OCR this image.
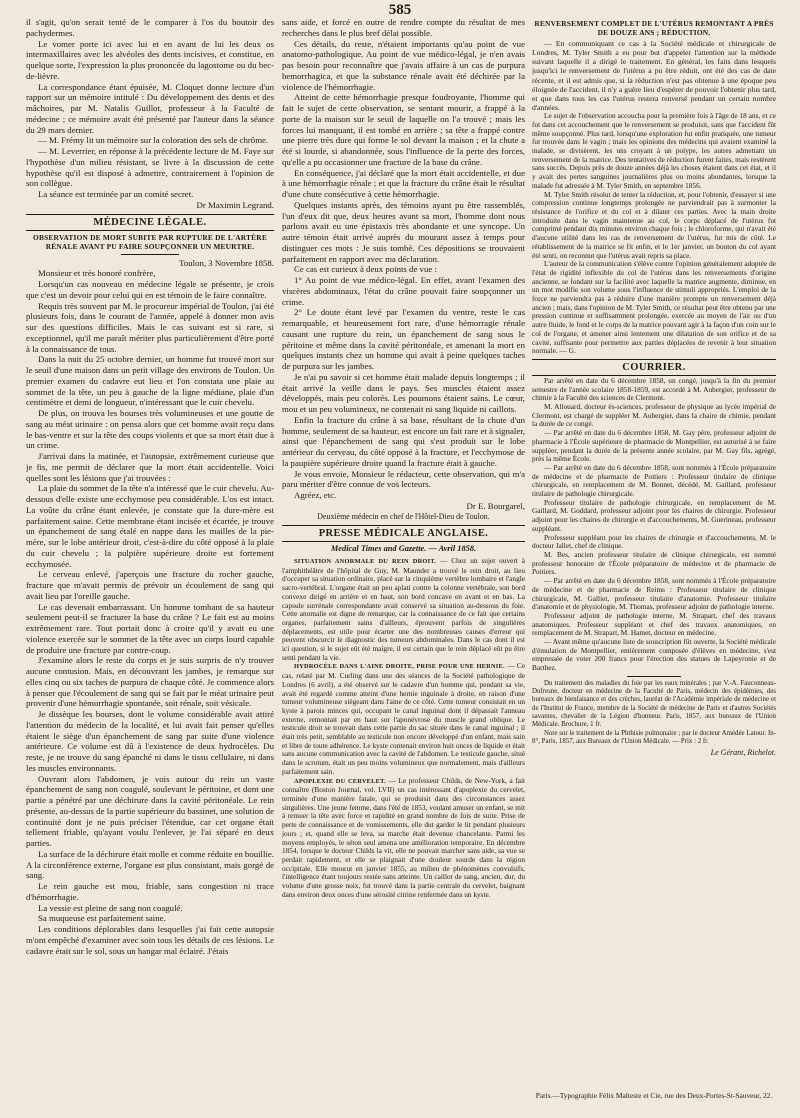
585

il s'agit, qu'on serait tenté de le comparer à l'os du boutoir des pachydermes.

Le vomer porte ici avec lui et en avant de lui les deux os intermaxillaires avec les alvéoles des dents incisives, et constitue, en quelque sorte, l'expression la plus prononcée du lagostome ou du bec-de-lièvre.

La correspondance étant épuisée, M. Cloquet donne lecture d'un rapport sur un mémoire intitulé : Du développement des dents et des mâchoires, par M. Natalis Guillot, professeur à la Faculté de médecine ; ce mémoire avait été présenté par l'auteur dans la séance du 29 mars dernier.

— M. Frémy lit un mémoire sur la coloration des sels de chrôme.

— M. Leverrier, en réponse à la précédente lecture de M. Faye sur l'hypothèse d'un milieu résistant, se livre à la discussion de cette hypothèse qu'il est disposé à admettre, contrairement à l'opinion de son collègue.

La séance est terminée par un comité secret.

Dr Maximin Legrand.

MÉDECINE LÉGALE.
OBSERVATION DE MORT SUBITE PAR RUPTURE DE L'ARTÈRE RÉNALE AVANT PU FAIRE SOUPÇONNER UN MEURTRE.

Toulon, 3 Novembre 1858.

Monsieur et très honoré confrère,

Lorsqu'un cas nouveau en médecine légale se présente, je crois que c'est un devoir pour celui qui en est témoin de le faire connaître.

Requis très souvent par M. le procureur impérial de Toulon, j'ai été plusieurs fois, dans le courant de l'année, appelé à donner mon avis sur des questions difficiles. Mais le cas suivant est si rare, si exceptionnel, qu'il me paraît mériter plus particulièrement d'être porté à la connaissance de tous.

Dans la nuit du 25 octobre dernier, un homme fut trouvé mort sur le seuil d'une maison dans un petit village des environs de Toulon. Un premier examen du cadavre eut lieu et l'on constata une plaie au sommet de la tête, un peu à gauche de la ligne médiane, plaie d'un centimètre et demi de longueur, n'intéressant que le cuir chevelu.

De plus, on trouva les bourses très volumineuses et une goutte de sang au méat urinaire : on pensa alors que cet homme avait reçu dans le bas-ventre et sur la tête des coups violents et que sa mort était due à un crime.

J'arrivai dans la matinée, et l'autopsie, extrêmement curieuse que je fis, me permit de déclarer que la mort était accidentelle. Voici quelles sont les lésions que j'ai trouvées :

La plaie du sommet de la tête n'a intéressé que le cuir chevelu. Au-dessous d'elle existe une ecchymose peu considérable. L'os est intact. La voûte du crâne étant enlevée, je constate que la dure-mère est parfaitement saine. Cette membrane étant incisée et écartée, je trouve un épanchement de sang étalé en nappe dans les mailles de la pie-mère, sur le lobe antérieur droit, c'est-à-dire du côté opposé à la plaie du cuir chevelu ; la pulpière supérieure droite est fortement ecchymosée.

Le cerveau enlevé, j'aperçois une fracture du rocher gauche, fracture que m'avait permis de prévoir un écoulement de sang qui avait lieu par l'oreille gauche.

Le cas devenait embarrassant. Un homme tombant de sa hauteur seulement peut-il se fracturer la base du crâne ? Le fait est au moins extrêmement rare. Tout portait donc à croire qu'il y avait eu une violence exercée sur le sommet de la tête avec un corps lourd capable de produire une fracture par contre-coup.

J'examine alors le reste du corps et je suis surpris de n'y trouver aucune contusion. Mais, en découvrant les jambes, je remarque sur elles cinq ou six taches de purpura de chaque côté. Je commence alors à penser que l'écoulement de sang qui se fait par le méat urinaire peut provenir d'une hémorrhagie spontanée, soit rénale, soit vésicale.

Je dissèque les bourses, dont le volume considérable avait attiré l'attention du médecin de la localité, et lui avait fait penser qu'elles étaient le siège d'un épanchement de sang par suite d'une violence antérieure. Ce volume est dû à l'existence de deux hydrocèles. Du reste, je ne trouve du sang épanché ni dans le tissu cellulaire, ni dans les muscles environnants.

Ouvrant alors l'abdomen, je vois autour du rein un vaste épanchement de sang non coagulé, soulevant le péritoine, et dont une partie a pénétré par une déchirure dans la cavité péritonéale. Le rein présente, au-dessus de la partie supérieure du bassinet, une solution de continuité dont je ne puis préciser l'étendue, car cet organe était tellement friable, qu'ayant voulu l'enlever, je l'ai séparé en deux parties.

La surface de la déchirure était molle et comme réduite en bouillie. A la circonférence externe, l'organe est plus consistant, mais gorgé de sang.

Le rein gauche est mou, friable, sans congestion ni trace d'hémorrhagie.

La vessie est pleine de sang non coagulé.

Sa muqueuse est parfaitement saine.

Les conditions déplorables dans lesquelles j'ai fait cette autopsie m'ont empêché d'examiner avec soin tous les détails de ces lésions. Le cadavre était sur le sol, sous un hangar mal éclairé. J'étais

sans aide, et forcé en outre de rendre compte du résultat de mes recherches dans le plus bref délai possible.

Ces détails, du reste, n'étaient importants qu'au point de vue anatomo-pathologique. Au point de vue médico-légal, je n'en avais pas besoin pour reconnaître que j'avais affaire à un cas de purpura hemorrhagica, et que la substance rénale avait été déchirée par la violence de l'hémorrhagie.

Atteint de cette hémorrhagie presque foudroyante, l'homme qui fait le sujet de cette observation, se sentant mourir, a frappé à la porte de la maison sur le seuil de laquelle on l'a trouvé ; mais les forces lui manquant, il est tombé en arrière ; sa tête a frappé contre une pierre très dure qui forme le sol devant la maison ; et la chute a été si lourde, si abandonnée, sous l'influence de la perte des forces, qu'elle a pu occasionner une fracture de la base du crâne.

En conséquence, j'ai déclaré que la mort était accidentelle, et due à une hémorrhagie rénale ; et que la fracture du crâne était le résultat d'une chute consécutive à cette hémorrhagie.

Quelques instants après, des témoins ayant pu être rassemblés, l'un d'eux dit que, deux heures avant sa mort, l'homme dont nous parlons avait eu une épistaxis très abondante et une syncope. Un autre témoin était arrivé auprès du mourant assez à temps pour distinguer ces mots : Je suis tombé. Ces dépositions se trouvaient parfaitement en rapport avec ma déclaration.

Ce cas est curieux à deux points de vue :

1° Au point de vue médico-légal. En effet, avant l'examen des viscères abdominaux, l'état du crâne pouvait faire soupçonner un crime.

2° Le doute étant levé par l'examen du ventre, reste le cas remarquable, et heureusement fort rare, d'une hémorragie rénale causant une rupture du rein, un épanchement de sang sous le péritoine et même dans la cavité péritonéale, et amenant la mort en quelques instants chez un homme qui avait à peine quelques taches de purpura sur les jambes.

Je n'ai pu savoir si cet homme était malade depuis longtemps ; il était arrivé la veille dans le pays. Ses muscles étaient assez développés, mais peu colorés. Les poumons étaient sains. Le cœur, mou et un peu volumineux, ne contenait ni sang liquide ni caillots.

Enfin la fracture du crâne à sa base, résultant de la chute d'un homme, seulement de sa hauteur, est encore un fait rare et à signaler, ainsi que l'épanchement de sang qui s'est produit sur le lobe antérieur du cerveau, du côté opposé à la fracture, et l'ecchymose de la paupière supérieure droite quand la fracture était à gauche.

Je vous envoie, Monsieur le rédacteur, cette observation, qui m'a paru mériter d'être connue de vos lecteurs.

Agréez, etc.

Dr E. Bourgarel,

Deuxième médecin en chef de l'Hôtel-Dieu de Toulon.

PRESSE MÉDICALE ANGLAISE.
Medical Times and Gazette. — Avril 1858.

SITUATION ANORMALE DU REIN DROIT. — Chez un sujet ouvert à l'amphithéâtre de l'hôpital de Guy, M. Maunder a trouvé le rein droit, au lieu d'occuper sa situation ordinaire, placé sur la cinquième vertèbre lombaire et l'angle sacro-vertébral. L'organe était un peu aplati contre la colonne vertébrale, son bord convexe dirigé en arrière et en haut, son bord concave en avant et en bas. La capsule surrénale correspondante avait conservé sa situation au-dessous du foie. Cette anomalie est digne de remarque, car la connaissance de ce fait que certains organes, parfaitement sains d'ailleurs, éprouvent parfois de singulières déplacements, est utile pour écarter une des nombreuses causes d'erreur qui peuvent obscurcir le diagnostic des tumeurs abdominales. Dans le cas dont il est ici question, si le sujet eût été maigre, il est certain que le rein déplacé eût pu être senti pendant la vie.

HYDROCÈLE DANS L'AINE DROITE, PRISE POUR UNE HERNIE. — Ce cas, relaté par M. Curling dans une des séances de la Société pathologique de Londres (6 avril), a été observé sur le cadavre d'un homme qui, pendant sa vie, avait été regardé comme atteint d'une hernie inguinale à droite, en raison d'une tumeur volumineuse siégeant dans l'aine de ce côté. Cette tumeur consistait en un kyste à parois minces qui, occupant le canal inguinal dont il dépassait l'anneau externe, remontait par en haut sur l'aponévrose du muscle grand oblique. Le testicule droit se trouvait dans cette partie du sac située dans le canal inguinal ; il était très petit, semblable au testicule non encore développé d'un enfant, mais sain et libre de toute adhérence. Le kyste contenait environ huit onces de liquide et était sans aucune communication avec la cavité de l'abdomen. Le testicule gauche, situé dans le scrotum, était un peu moins volumineux que normalement, mais d'ailleurs parfaitement sain.

APOPLEXIE DU CERVELET. — Le professeur Childs, de New-York, a fait connaître (Boston Journal, vol. LVII) un cas intéressant d'apoplexie du cervelet, terminée d'une manière fatale, qui se produisit dans des circonstances assez singulières. Une jeune femme, dans l'été de 1853, voulant amuser un enfant, se mit à remuer la tête avec force et rapidité en grand nombre de fois de suite. Prise de perte de connaissance et de vomissements, elle dut garder le lit pendant plusieurs jours ; et, quand elle se leva, sa marche était devenue chancelante. Parmi les moyens employés, le séton seul amena une amélioration temporaire. En décembre 1854, lorsque le docteur Childs la vit, elle ne pouvait marcher sans aide, sa vue se perdait rapidement, et elle se plaignait d'une douleur sourde dans la région occipitale. Elle mourut en janvier 1855, au milieu de phénomènes convulsifs, l'intelligence étant toujours restée sans atteinte. Un caillot de sang, ancien, dur, du volume d'une grosse noix, fut trouvé dans la partie centrale du cervelet, baignant dans environ deux onces d'une sérosité citrine renfermée dans un kyste.

RENVERSEMENT COMPLET DE L'UTÉRUS REMONTANT A PRÈS DE DOUZE ANS ; RÉDUCTION.

— En communiquant ce cas à la Société médicale et chirurgicale de Londres, M. Tyler Smith a eu pour but d'appeler l'attention sur la méthode suivant laquelle il a dirigé le traitement. En général, les faits dans lesquels jusqu'ici le renversement de l'utérus a pu être réduit, ont été des cas de date récente, et il est admis que, si la réduction n'est pas obtenue à une époque peu éloignée de l'accident, il n'y a guère lieu d'espérer de pouvoir l'obtenir plus tard, et que dans tous les cas l'utérus restera renversé pendant un certain nombre d'années.

Le sujet de l'observation accoucha pour la première fois à l'âge de 18 ans, et ce fut dans cet accouchement que le renversement se produisit, sans que l'accident fût même soupçonné. Plus tard, lorsqu'une exploration fut enfin pratiquée, une tumeur fut trouvée dans le vagin ; mais les opinions des médecins qui avaient examiné la malade, se divisèrent, les uns croyant à un polype, les autres admettant un renversement de la matrice. Des tentatives de réduction furent faites, mais restèrent sans succès. Depuis près de douze années déjà les choses étaient dans cet état, et il y avait des pertes sanguines journalières plus ou moins abondantes, lorsque la malade fut adressée à M. Tyler Smith, en septembre 1856.

M. Tyler Smith résolut de tenter la réduction, et, pour l'obtenir, d'essayer si une compression continue longtemps prolongée ne parviendrait pas à surmonter la résistance de l'orifice et du col et à dilater ces parties. Avec la main droite introduite dans le vagin maintenue au col, le corps déplacé de l'utérus fut comprimé pendant dix minutes environ chaque fois ; le chloroforme, qui n'avait été d'aucune utilité dans les cas de renversement de l'utérus, fut mis de côté. Le rétablissement de la matrice se fit enfin, et le 1er janvier, un bouton du col ayant été senti, on reconnut que l'utérus avait repris sa place.

L'auteur de la communication s'élève contre l'opinion généralement adoptée de l'état de rigidité inflexible du col de l'utérus dans les renversements d'origine ancienne, se fondant sur la facilité avec laquelle la matrice augmente, diminue, en un mot modifie son volume sous l'influence de stimuli appropriés. L'emploi de la force ne parviendra pas à réduire d'une manière prompte un renversement déjà ancien ; mais, dans l'opinion de M. Tyler Smith, ce résultat peut être obtenu par une pression continue et suffisamment prolongée, exercée au moyen de l'air ou d'un autre fluide, le fond et le corps de la matrice pouvant agir à la façon d'un coin sur le col de l'organe, et amener ainsi lentement une dilatation de son orifice et de sa cavité, suffisante pour permettre aux parties déplacées de revenir à leur situation normale. — G.

COURRIER.

Par arrêté en date du 6 décembre 1858, un congé, jusqu'à la fin du premier semestre de l'année scolaire 1858-1859, est accordé à M. Aubergier, professeur de chimie à la Faculté des sciences de Clermont.

M. Allouard, docteur ès-sciences, professeur de physique au lycée impérial de Clermont, est chargé de suppléer M. Aubergier, dans la chaire de chimie, pendant la durée de ce congé.

— Par arrêté en date du 6 décembre 1858, M. Gay père, professeur adjoint de pharmacie à l'École supérieure de pharmacie de Montpellier, est autorisé à se faire suppléer, pendant la durée de la présente année scolaire, par M. Gay fils, agrégé, près la même École.

— Par arrêté en date du 6 décembre 1858, sont nommés à l'École préparatoire de médecine et de pharmacie de Poitiers : Professeur titulaire de clinique chirurgicale, en remplacement de M. Bonnet, décédé, M. Gaillard, professeur titulaire de pathologie chirurgicale.

Professeur titulaire de pathologie chirurgicale, en remplacement de M. Gaillard, M. Goddard, professeur adjoint pour les chaires de chirurgie. Professeur adjoint pour les chaires de chirurgie et d'accouchements, M. Guerineau, professeur suppléant.

Professeur suppléant pour les chaires de chirurgie et d'accouchements, M. le docteur Jallet, chef de clinique.

M. Bes, ancien professeur titulaire de clinique chirurgicale, est nommé professeur honoraire de l'École préparatoire de médecine et de pharmacie de Poitiers.

— Par arrêté en date du 6 décembre 1858, sont nommés à l'École préparatoire de médecine et de pharmacie de Reims : Professeur titulaire de clinique chirurgicale, M. Galliet, professeur titulaire d'anatomie. Professeur titulaire d'anatomie et de physiologie, M. Thomas, professeur adjoint de pathologie interne.

Professeur adjoint de pathologie interne, M. Strapart, chef des travaux anatomiques. Professeur suppléant et chef des travaux anatomiques, en remplacement de M. Strapart, M. Hamet, docteur en médecine.

— Avant même qu'aucune liste de souscription fût ouverte, la Société médicale d'émulation de Montpellier, entièrement composée d'élèves en médecine, s'est empressée de voter 200 francs pour l'érection des statues de Lapeyronie et de Barthez.

Du traitement des maladies du foie par les eaux minérales ; par V.-A. Fauconneau-Dufresne, docteur en médecine de la Faculté de Paris, médecin des épidémies, des bureaux de bienfaisance et des crèches, lauréat de l'Académie impériale de médecine et de l'Institut de France, membre de la Société de médecine de Paris et d'autres Sociétés savantes, chevalier de la Légion d'honneur. Paris, 1857, aux bureaux de l'Union Médicale. Brochure, 1 fr.

Note sur le traitement de la Phthisie pulmonaire ; par le docteur Amédée Latour. In-8°, Paris, 1857, aux Bureaux de l'Union Médicale. — Prix : 2 fr.

Le Gérant, Richelot.
Paris.—Typographie Félix Malteste et Cie, rue des Deux-Portes-St-Sauveur, 22.
